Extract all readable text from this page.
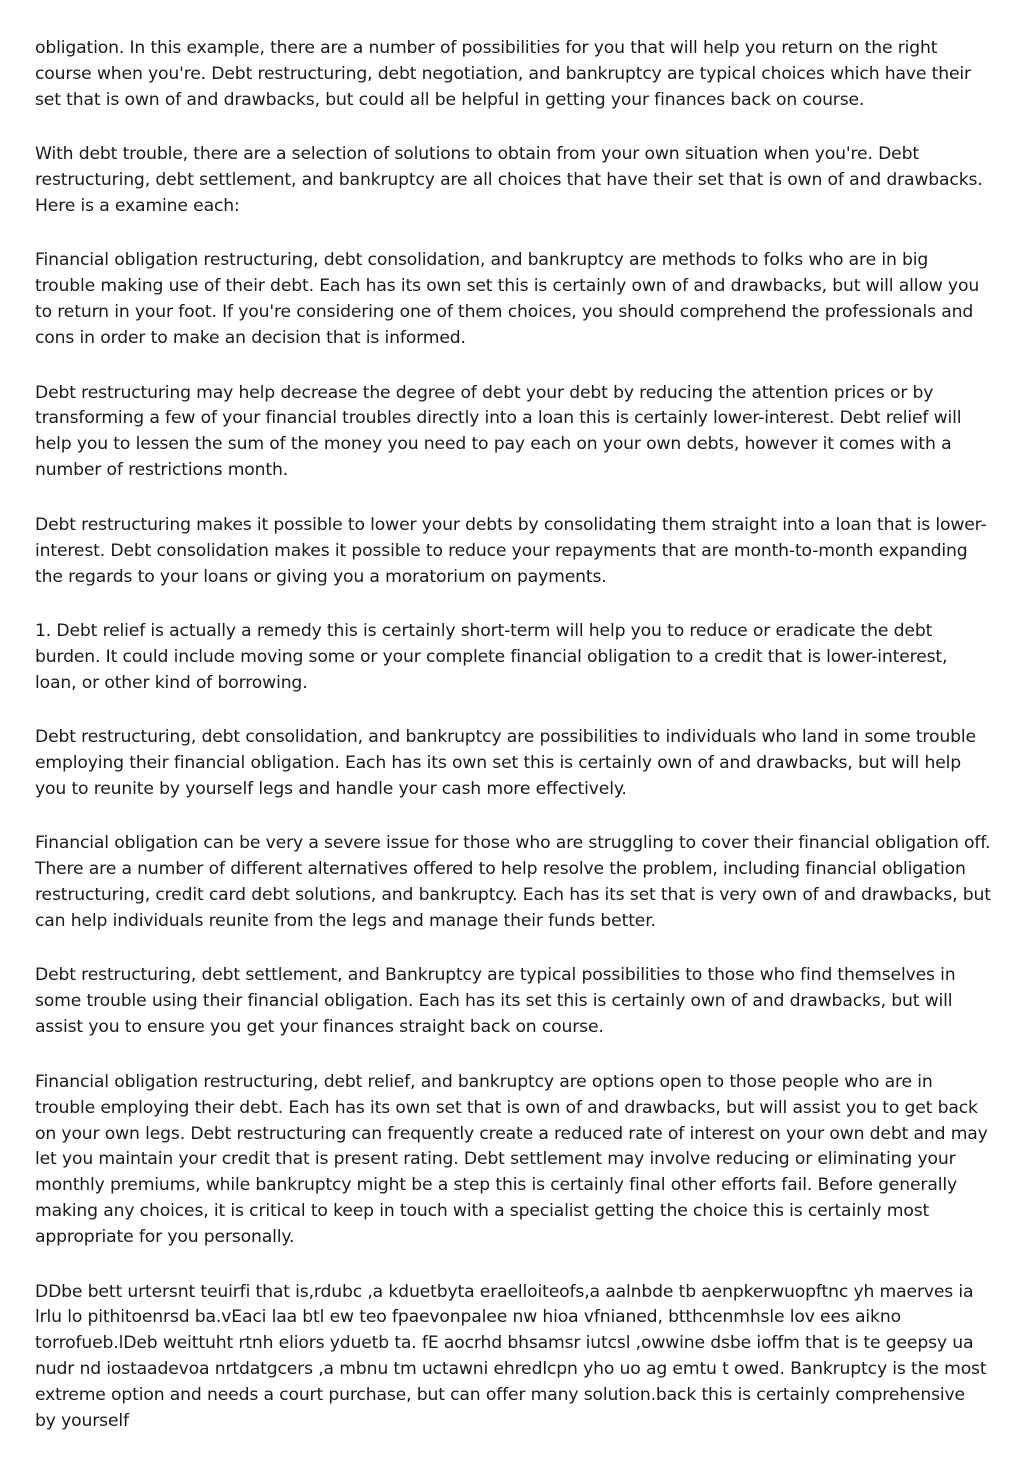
obligation. In this example, there are a number of possibilities for you that will help you return on the right course when you're. Debt restructuring, debt negotiation, and bankruptcy are typical choices which have their set that is own of and drawbacks, but could all be helpful in getting your finances back on course.

With debt trouble, there are a selection of solutions to obtain from your own situation when you're. Debt restructuring, debt settlement, and bankruptcy are all choices that have their set that is own of and drawbacks. Here is a examine each:

Financial obligation restructuring, debt consolidation, and bankruptcy are methods to folks who are in big trouble making use of their debt. Each has its own set this is certainly own of and drawbacks, but will allow you to return in your foot. If you're considering one of them choices, you should comprehend the professionals and cons in order to make an decision that is informed.

Debt restructuring may help decrease the degree of debt your debt by reducing the attention prices or by transforming a few of your financial troubles directly into a loan this is certainly lower-interest. Debt relief will help you to lessen the sum of the money you need to pay each on your own debts, however it comes with a number of restrictions month.

Debt restructuring makes it possible to lower your debts by consolidating them straight into a loan that is lower-interest. Debt consolidation makes it possible to reduce your repayments that are month-to-month expanding the regards to your loans or giving you a moratorium on payments.

1. Debt relief is actually a remedy this is certainly short-term will help you to reduce or eradicate the debt burden. It could include moving some or your complete financial obligation to a credit that is lower-interest, loan, or other kind of borrowing.

Debt restructuring, debt consolidation, and bankruptcy are possibilities to individuals who land in some trouble employing their financial obligation. Each has its own set this is certainly own of and drawbacks, but will help you to reunite by yourself legs and handle your cash more effectively.

Financial obligation can be very a severe issue for those who are struggling to cover their financial obligation off. There are a number of different alternatives offered to help resolve the problem, including financial obligation restructuring, credit card debt solutions, and bankruptcy. Each has its set that is very own of and drawbacks, but can help individuals reunite from the legs and manage their funds better.

Debt restructuring, debt settlement, and Bankruptcy are typical possibilities to those who find themselves in some trouble using their financial obligation. Each has its set this is certainly own of and drawbacks, but will assist you to ensure you get your finances straight back on course.

Financial obligation restructuring, debt relief, and bankruptcy are options open to those people who are in trouble employing their debt. Each has its own set that is own of and drawbacks, but will assist you to get back on your own legs. Debt restructuring can frequently create a reduced rate of interest on your own debt and may let you maintain your credit that is present rating. Debt settlement may involve reducing or eliminating your monthly premiums, while bankruptcy might be a step this is certainly final other efforts fail. Before generally making any choices, it is critical to keep in touch with a specialist getting the choice this is certainly most appropriate for you personally.

DDbe bett urtersnt teuirfi that is,rdubc ,a kduetbyta eraelloiteofs,a aalnbde tb aenpkerwuopftnc yh maerves ia lrlu lo pithitoenrsd ba.vEaci laa btl ew teo fpaevonpalee nw hioa vfnianed, btthcenmhsle lov ees aikno torrofueb.lDeb weittuht rtnh eliors yduetb ta. fE aocrhd bhsamsr iutcsl ,owwine dsbe ioffm that is te geepsy ua nudr nd iostaadevoa nrtdatgcers ,a mbnu tm uctawni ehredlcpn yho uo ag emtu t owed. Bankruptcy is the most extreme option and needs a court purchase, but can offer many solution.back this is certainly comprehensive by yourself
